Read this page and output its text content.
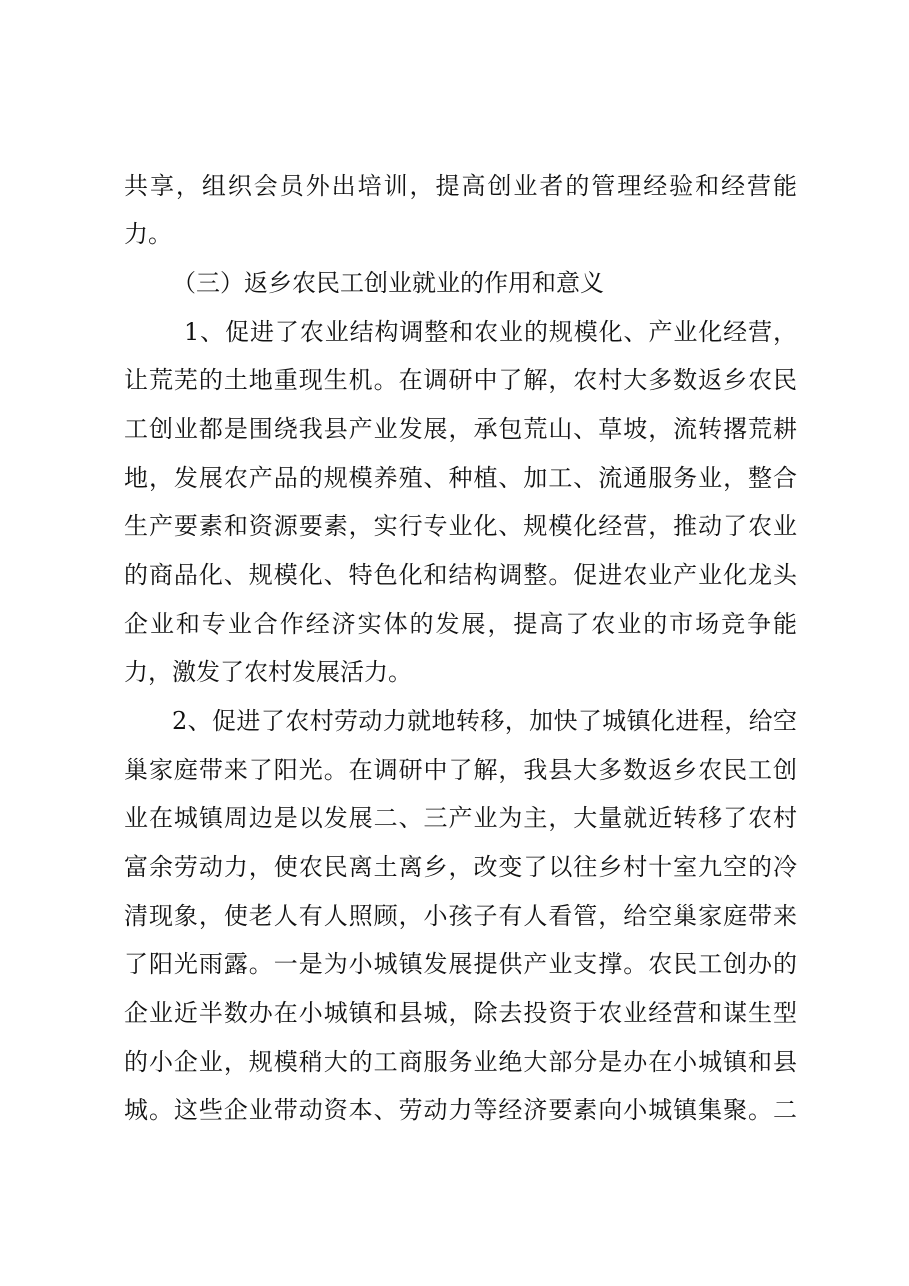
共享，组织会员外出培训，提高创业者的管理经验和经营能
力。
（三）返乡农民工创业就业的作用和意义
1、促进了农业结构调整和农业的规模化、产业化经营，
让荒芜的土地重现生机。在调研中了解，农村大多数返乡农民
工创业都是围绕我县产业发展，承包荒山、草坡，流转撂荒耕
地，发展农产品的规模养殖、种植、加工、流通服务业，整合
生产要素和资源要素，实行专业化、规模化经营，推动了农业
的商品化、规模化、特色化和结构调整。促进农业产业化龙头
企业和专业合作经济实体的发展，提高了农业的市场竞争能
力，激发了农村发展活力。
2、促进了农村劳动力就地转移，加快了城镇化进程，给空
巢家庭带来了阳光。在调研中了解，我县大多数返乡农民工创
业在城镇周边是以发展二、三产业为主，大量就近转移了农村
富余劳动力，使农民离土离乡，改变了以往乡村十室九空的冷
清现象，使老人有人照顾，小孩子有人看管，给空巢家庭带来
了阳光雨露。一是为小城镇发展提供产业支撑。农民工创办的
企业近半数办在小城镇和县城，除去投资于农业经营和谋生型
的小企业，规模稍大的工商服务业绝大部分是办在小城镇和县
城。这些企业带动资本、劳动力等经济要素向小城镇集聚。二
